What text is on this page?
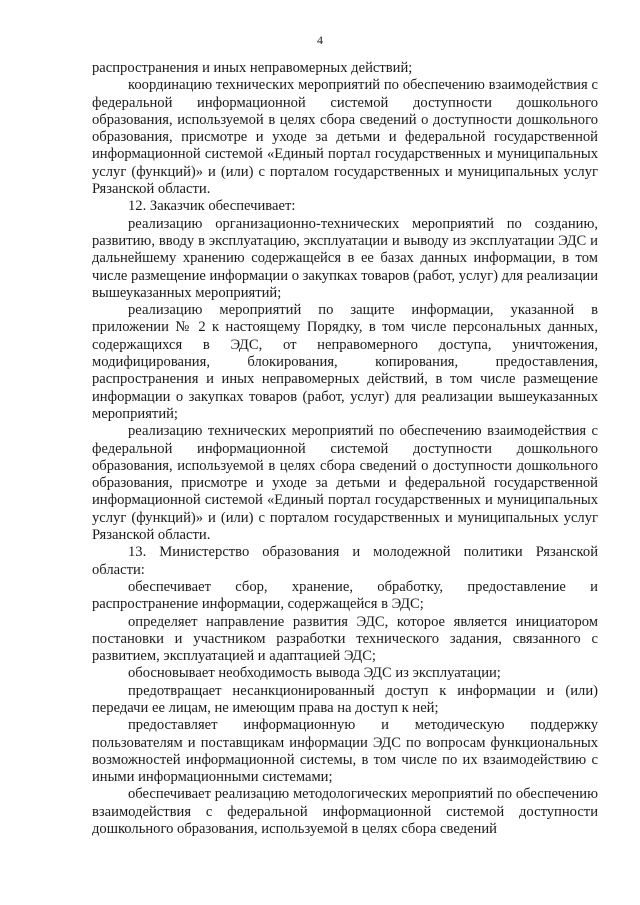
4

распространения и иных неправомерных действий;

координацию технических мероприятий по обеспечению взаимодействия с федеральной информационной системой доступности дошкольного образования, используемой в целях сбора сведений о доступности дошкольного образования, присмотре и уходе за детьми и федеральной государственной информационной системой «Единый портал государственных и муниципальных услуг (функций)» и (или) с порталом государственных и муниципальных услуг Рязанской области.

12. Заказчик обеспечивает:

реализацию организационно-технических мероприятий по созданию, развитию, вводу в эксплуатацию, эксплуатации и выводу из эксплуатации ЭДС и дальнейшему хранению содержащейся в ее базах данных информации, в том числе размещение информации о закупках товаров (работ, услуг) для реализации вышеуказанных мероприятий;

реализацию мероприятий по защите информации, указанной в приложении № 2 к настоящему Порядку, в том числе персональных данных, содержащихся в ЭДС, от неправомерного доступа, уничтожения, модифицирования, блокирования, копирования, предоставления, распространения и иных неправомерных действий, в том числе размещение информации о закупках товаров (работ, услуг) для реализации вышеуказанных мероприятий;

реализацию технических мероприятий по обеспечению взаимодействия с федеральной информационной системой доступности дошкольного образования, используемой в целях сбора сведений о доступности дошкольного образования, присмотре и уходе за детьми и федеральной государственной информационной системой «Единый портал государственных и муниципальных услуг (функций)» и (или) с порталом государственных и муниципальных услуг Рязанской области.

13. Министерство образования и молодежной политики Рязанской области:

обеспечивает сбор, хранение, обработку, предоставление и распространение информации, содержащейся в ЭДС;

определяет направление развития ЭДС, которое является инициатором постановки и участником разработки технического задания, связанного с развитием, эксплуатацией и адаптацией ЭДС;

обосновывает необходимость вывода ЭДС из эксплуатации;

предотвращает несанкционированный доступ к информации и (или) передачи ее лицам, не имеющим права на доступ к ней;

предоставляет информационную и методическую поддержку пользователям и поставщикам информации ЭДС по вопросам функциональных возможностей информационной системы, в том числе по их взаимодействию с иными информационными системами;

обеспечивает реализацию методологических мероприятий по обеспечению взаимодействия с федеральной информационной системой доступности дошкольного образования, используемой в целях сбора сведений
